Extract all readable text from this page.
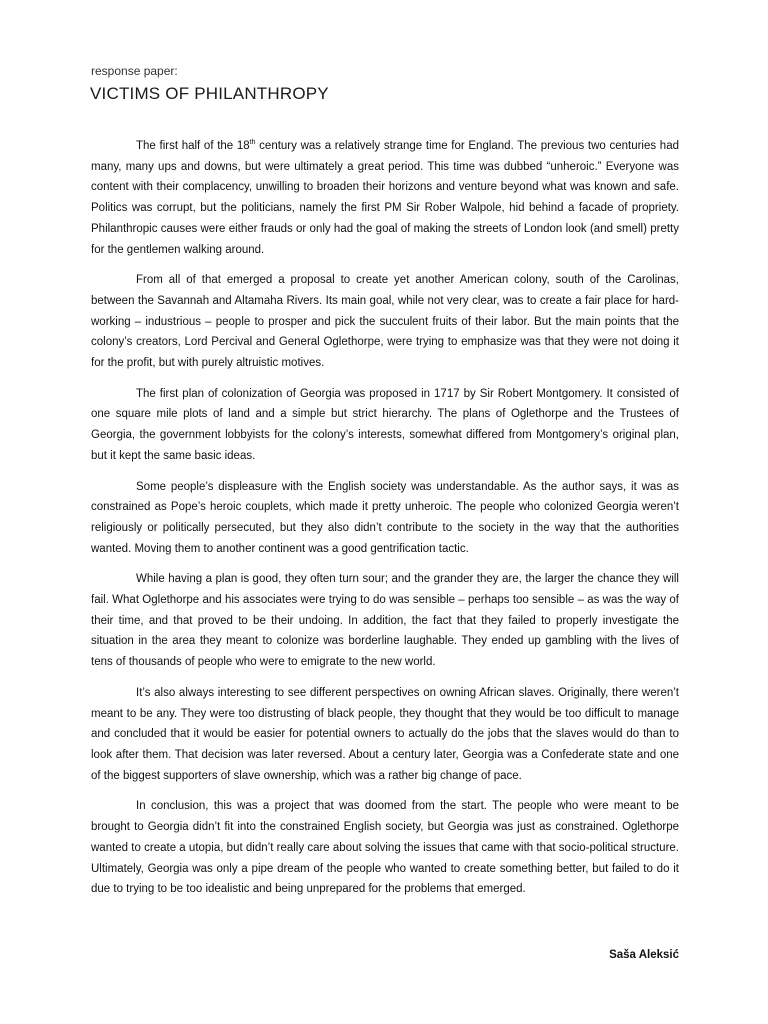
response paper:
VICTIMS OF PHILANTHROPY

The first half of the 18th century was a relatively strange time for England. The previous two centuries had many, many ups and downs, but were ultimately a great period. This time was dubbed “unheroic.” Everyone was content with their complacency, unwilling to broaden their horizons and venture beyond what was known and safe. Politics was corrupt, but the politicians, namely the first PM Sir Rober Walpole, hid behind a facade of propriety. Philanthropic causes were either frauds or only had the goal of making the streets of London look (and smell) pretty for the gentlemen walking around.

From all of that emerged a proposal to create yet another American colony, south of the Carolinas, between the Savannah and Altamaha Rivers. Its main goal, while not very clear, was to create a fair place for hard-working – industrious – people to prosper and pick the succulent fruits of their labor. But the main points that the colony’s creators, Lord Percival and General Oglethorpe, were trying to emphasize was that they were not doing it for the profit, but with purely altruistic motives.

The first plan of colonization of Georgia was proposed in 1717 by Sir Robert Montgomery. It consisted of one square mile plots of land and a simple but strict hierarchy. The plans of Oglethorpe and the Trustees of Georgia, the government lobbyists for the colony’s interests, somewhat differed from Montgomery’s original plan, but it kept the same basic ideas.

Some people’s displeasure with the English society was understandable. As the author says, it was as constrained as Pope’s heroic couplets, which made it pretty unheroic. The people who colonized Georgia weren’t religiously or politically persecuted, but they also didn’t contribute to the society in the way that the authorities wanted. Moving them to another continent was a good gentrification tactic.

While having a plan is good, they often turn sour; and the grander they are, the larger the chance they will fail. What Oglethorpe and his associates were trying to do was sensible – perhaps too sensible – as was the way of their time, and that proved to be their undoing. In addition, the fact that they failed to properly investigate the situation in the area they meant to colonize was borderline laughable. They ended up gambling with the lives of tens of thousands of people who were to emigrate to the new world.

It’s also always interesting to see different perspectives on owning African slaves. Originally, there weren’t meant to be any. They were too distrusting of black people, they thought that they would be too difficult to manage and concluded that it would be easier for potential owners to actually do the jobs that the slaves would do than to look after them. That decision was later reversed. About a century later, Georgia was a Confederate state and one of the biggest supporters of slave ownership, which was a rather big change of pace.

In conclusion, this was a project that was doomed from the start. The people who were meant to be brought to Georgia didn’t fit into the constrained English society, but Georgia was just as constrained. Oglethorpe wanted to create a utopia, but didn’t really care about solving the issues that came with that socio-political structure. Ultimately, Georgia was only a pipe dream of the people who wanted to create something better, but failed to do it due to trying to be too idealistic and being unprepared for the problems that emerged.

Saša Aleksić
